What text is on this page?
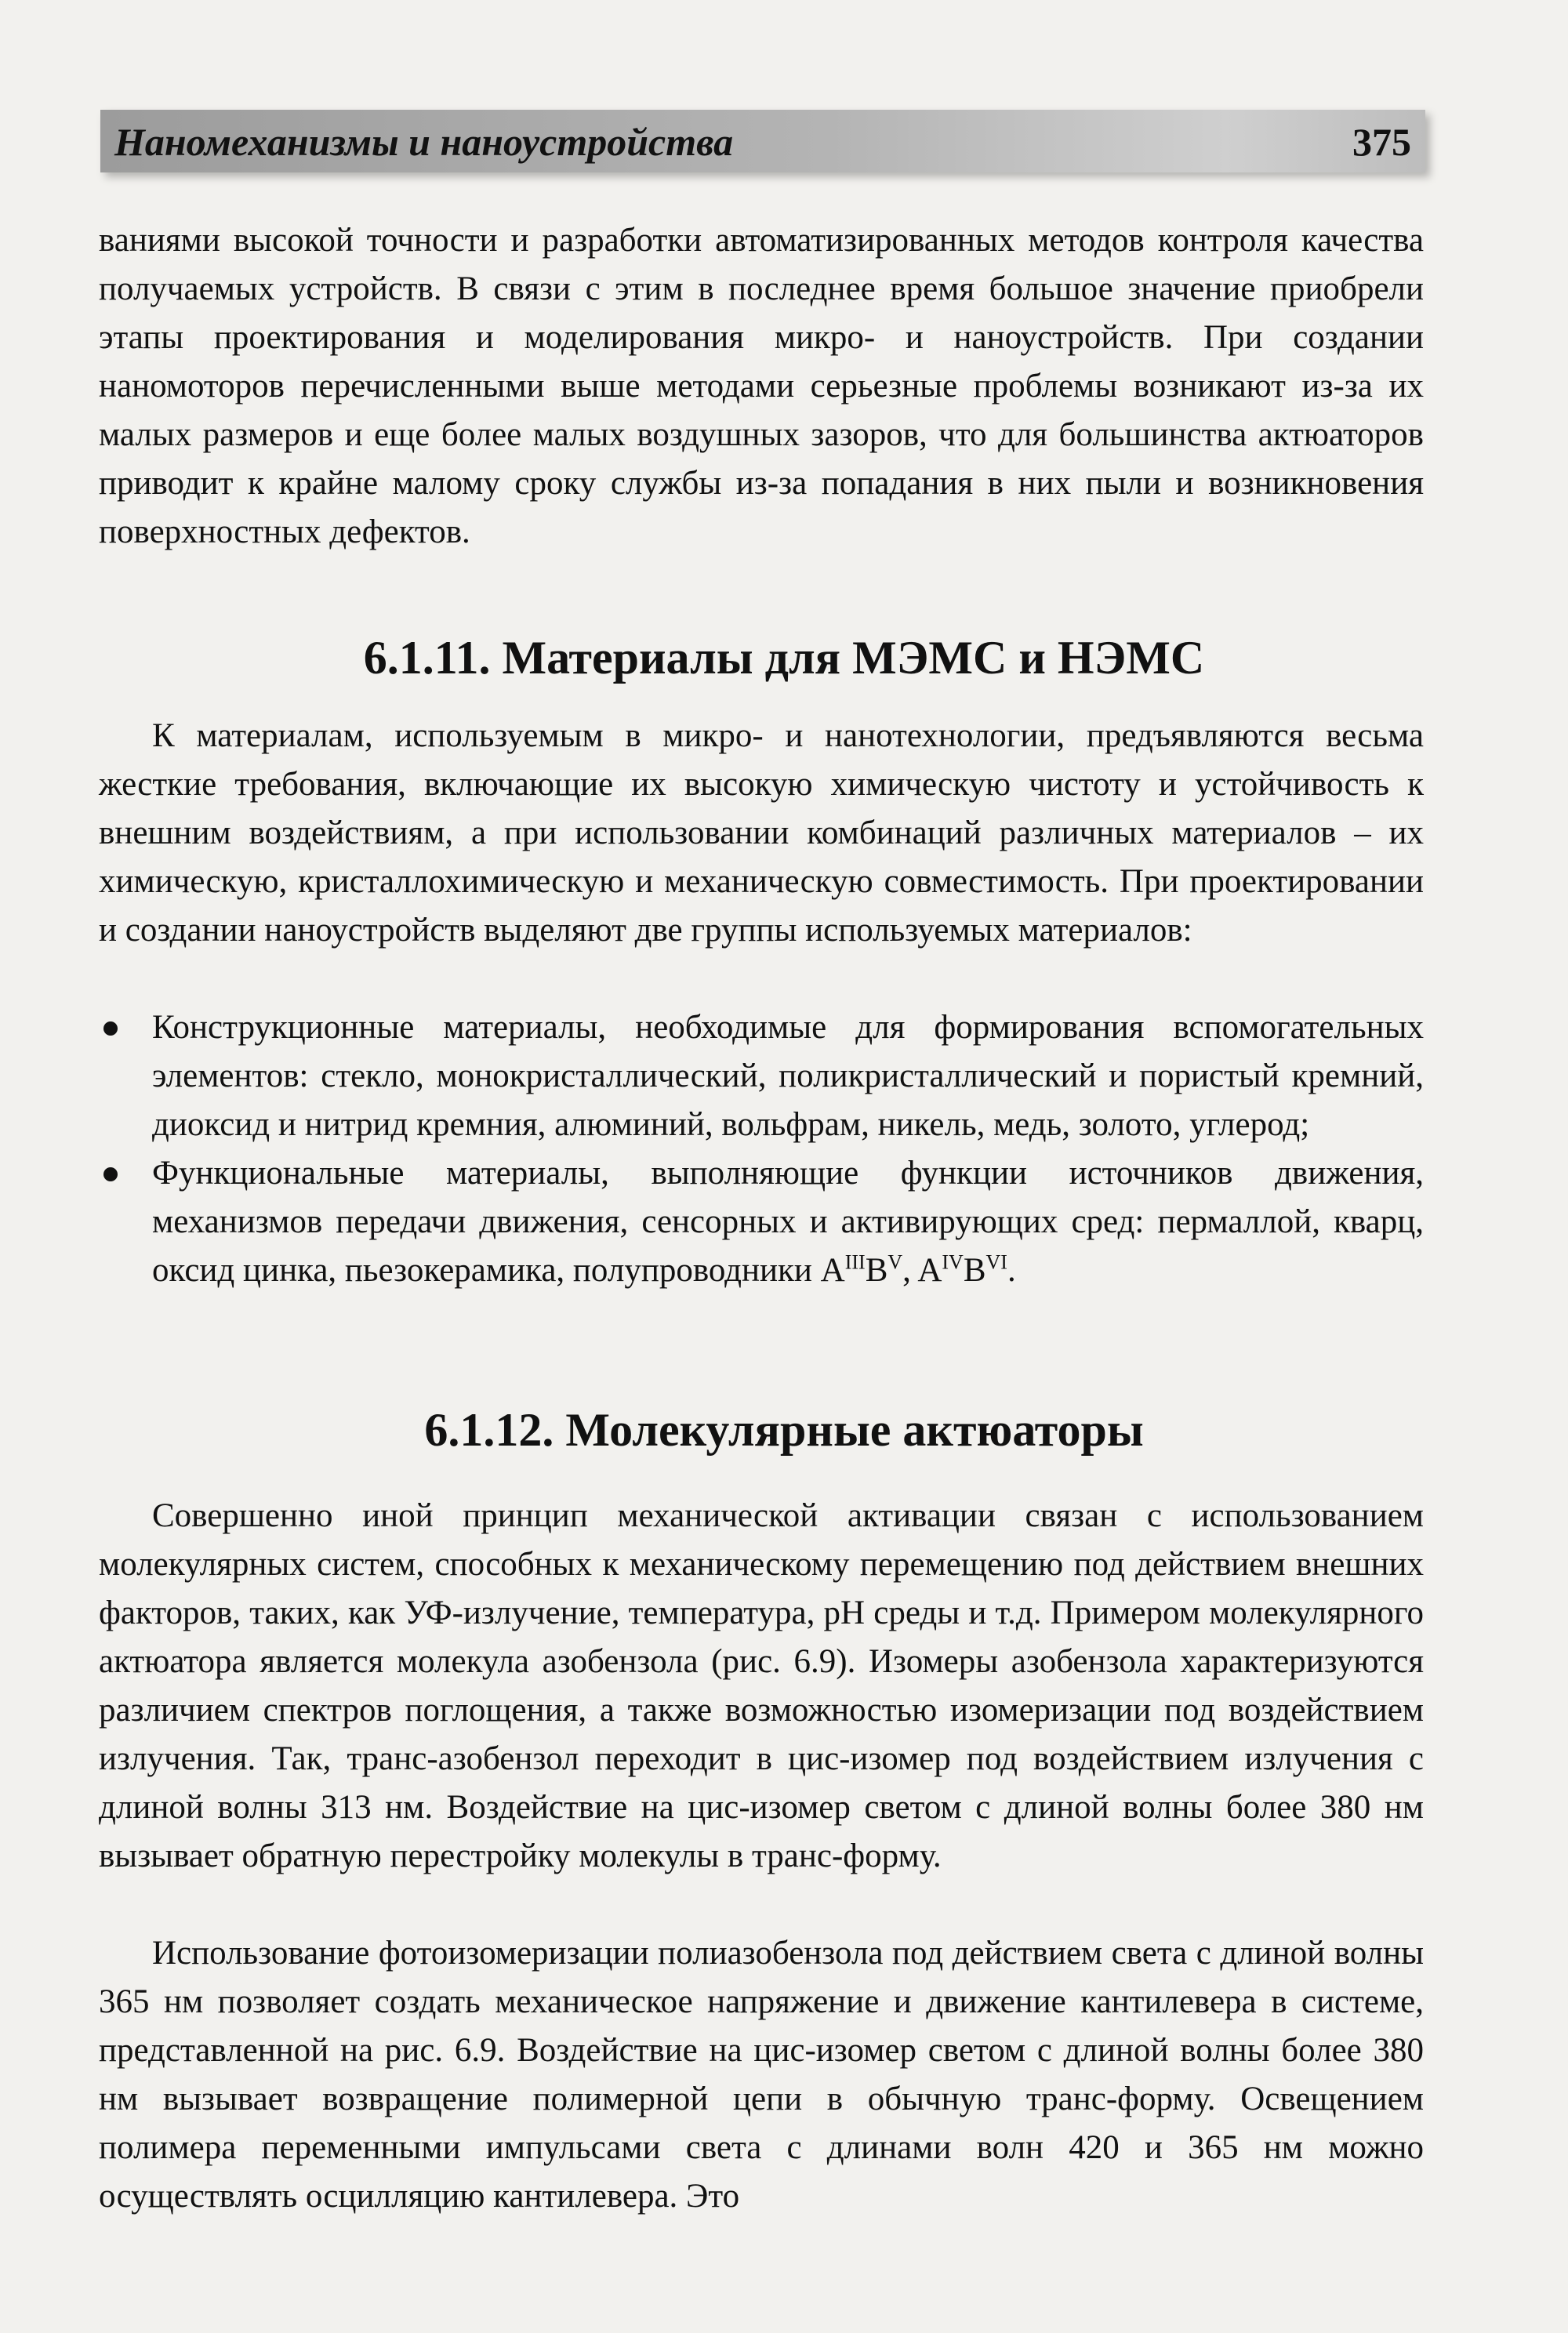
Наномеханизмы и наноустройства	375

ваниями высокой точности и разработки автоматизированных методов контроля качества получаемых устройств. В связи с этим в последнее время большое значение приобрели этапы проектирования и моделирования микро- и наноустройств. При создании наномоторов перечисленными выше методами серьезные проблемы возникают из-за их малых размеров и еще более малых воздушных зазоров, что для большинства актюаторов приводит к крайне малому сроку службы из-за попадания в них пыли и возникновения поверхностных дефектов.

6.1.11. Материалы для МЭМС и НЭМС

К материалам, используемым в микро- и нанотехнологии, предъявляются весьма жесткие требования, включающие их высокую химическую чистоту и устойчивость к внешним воздействиям, а при использовании комбинаций различных материалов – их химическую, кристаллохимическую и механическую совместимость. При проектировании и создании наноустройств выделяют две группы используемых материалов:

Конструкционные материалы, необходимые для формирования вспомогательных элементов: стекло, монокристаллический, поликристаллический и пористый кремний, диоксид и нитрид кремния, алюминий, вольфрам, никель, медь, золото, углерод;
Функциональные материалы, выполняющие функции источников движения, механизмов передачи движения, сенсорных и активирующих сред: пермаллой, кварц, оксид цинка, пьезокерамика, полупроводники $A^{III}B^V$, $A^{IV}B^{VI}$.
6.1.12. Молекулярные актюаторы

Совершенно иной принцип механической активации связан с использованием молекулярных систем, способных к механическому перемещению под действием внешних факторов, таких, как УФ-излучение, температура, pH среды и т.д. Примером молекулярного актюатора является молекула азобензола (рис. 6.9). Изомеры азобензола характеризуются различием спектров поглощения, а также возможностью изомеризации под воздействием излучения. Так, транс-азобензол переходит в цис-изомер под воздействием излучения с длиной волны 313 нм. Воздействие на цис-изомер светом с длиной волны более 380 нм вызывает обратную перестройку молекулы в транс-форму.

Использование фотоизомеризации полиазобензола под действием света с длиной волны 365 нм позволяет создать механическое напряжение и движение кантилевера в системе, представленной на рис. 6.9. Воздействие на цис-изомер светом с длиной волны более 380 нм вызывает возвращение полимерной цепи в обычную транс-форму. Освещением полимера переменными импульсами света с длинами волн 420 и 365 нм можно осуществлять осцилляцию кантилевера. Это
